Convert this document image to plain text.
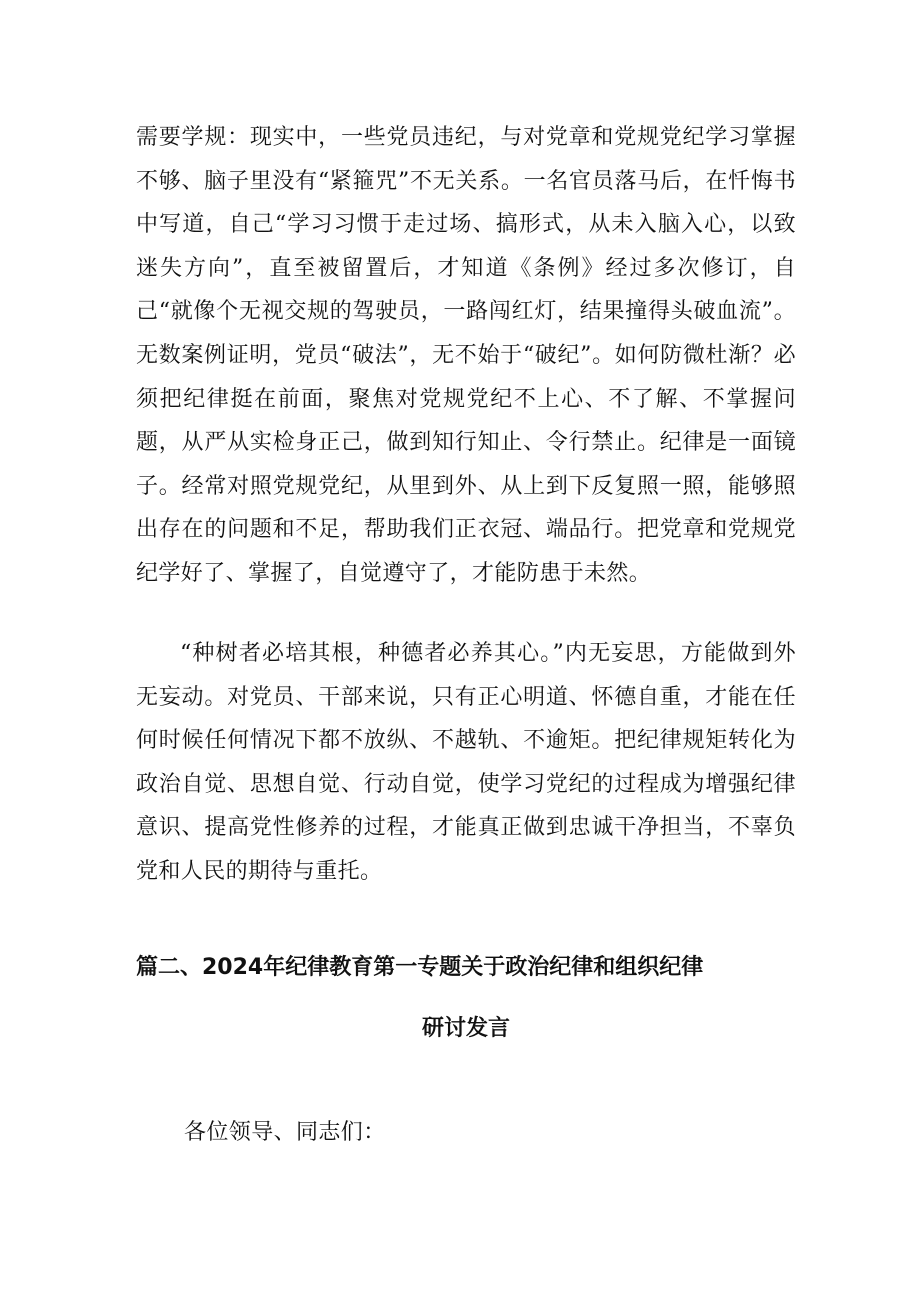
需要学规：现实中，一些党员违纪，与对党章和党规党纪学习掌握不够、脑子里没有“紧箍咒”不无关系。一名官员落马后，在忏悔书中写道，自己“学习习惯于走过场、搞形式，从未入脑入心，以致迷失方向”，直至被留置后，才知道《条例》经过多次修订，自己“就像个无视交规的驾驶员，一路闯红灯，结果撞得头破血流”。无数案例证明，党员“破法”，无不始于“破纪”。如何防微杜渐？必须把纪律挺在前面，聚焦对党规党纪不上心、不了解、不掌握问题，从严从实检身正己，做到知行知止、令行禁止。纪律是一面镜子。经常对照党规党纪，从里到外、从上到下反复照一照，能够照出存在的问题和不足，帮助我们正衣冠、端品行。把党章和党规党纪学好了、掌握了，自觉遵守了，才能防患于未然。

“种树者必培其根，种德者必养其心。”内无妄思，方能做到外无妄动。对党员、干部来说，只有正心明道、怀德自重，才能在任何时候任何情况下都不放纵、不越轨、不逾矩。把纪律规矩转化为政治自觉、思想自觉、行动自觉，使学习党纪的过程成为增强纪律意识、提高党性修养的过程，才能真正做到忠诚干净担当，不辜负党和人民的期待与重托。

篇二、2024年纪律教育第一专题关于政治纪律和组织纪律
研讨发言

各位领导、同志们：
